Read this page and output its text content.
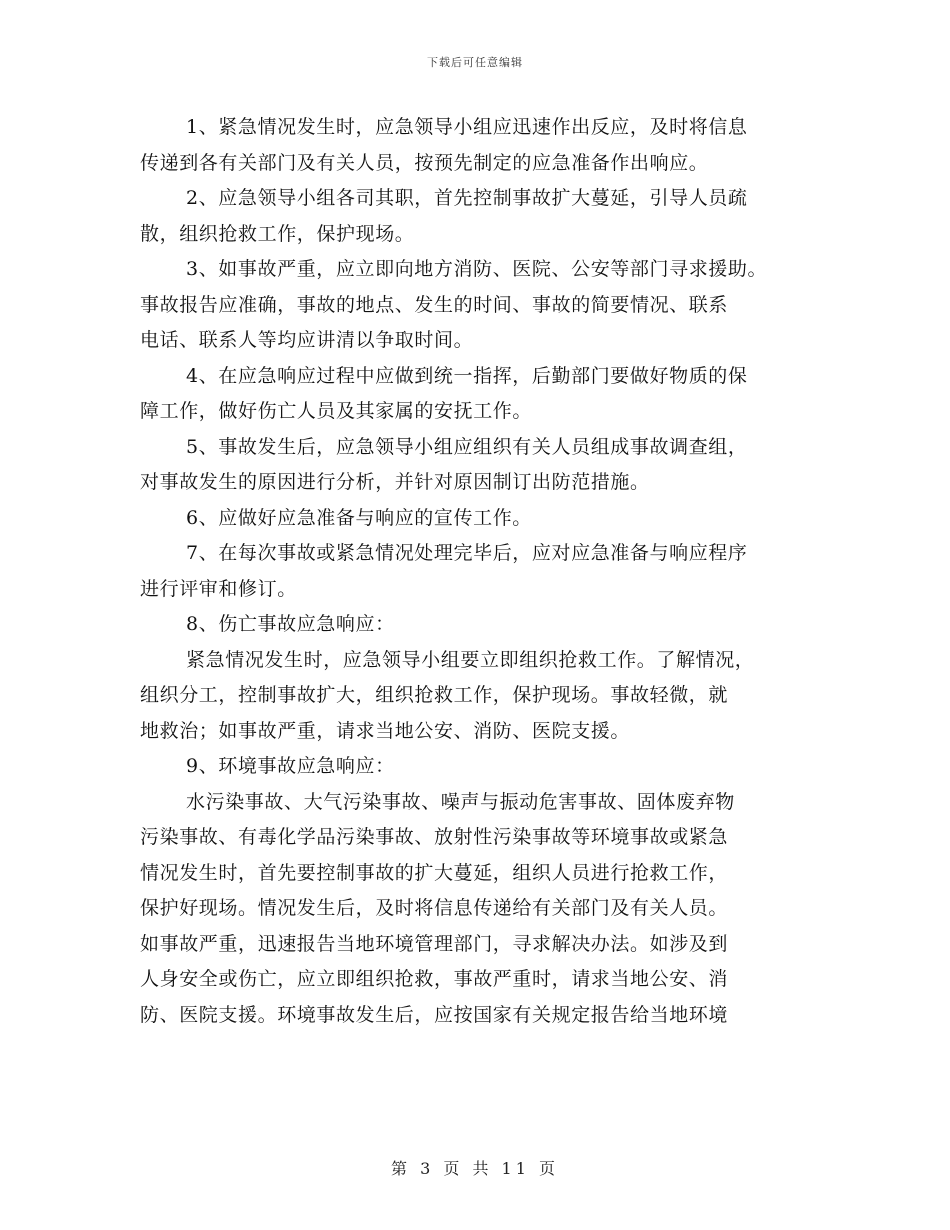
下载后可任意编辑
1、紧急情况发生时，应急领导小组应迅速作出反应，及时将信息
传递到各有关部门及有关人员，按预先制定的应急准备作出响应。
2、应急领导小组各司其职，首先控制事故扩大蔓延，引导人员疏
散，组织抢救工作，保护现场。
3、如事故严重，应立即向地方消防、医院、公安等部门寻求援助。
事故报告应准确，事故的地点、发生的时间、事故的简要情况、联系
电话、联系人等均应讲清以争取时间。
4、在应急响应过程中应做到统一指挥，后勤部门要做好物质的保
障工作，做好伤亡人员及其家属的安抚工作。
5、事故发生后，应急领导小组应组织有关人员组成事故调查组，
对事故发生的原因进行分析，并针对原因制订出防范措施。
6、应做好应急准备与响应的宣传工作。
7、在每次事故或紧急情况处理完毕后，应对应急准备与响应程序
进行评审和修订。
8、伤亡事故应急响应：
紧急情况发生时，应急领导小组要立即组织抢救工作。了解情况，
组织分工，控制事故扩大，组织抢救工作，保护现场。事故轻微，就
地救治；如事故严重，请求当地公安、消防、医院支援。
9、环境事故应急响应：
水污染事故、大气污染事故、噪声与振动危害事故、固体废弃物
污染事故、有毒化学品污染事故、放射性污染事故等环境事故或紧急
情况发生时，首先要控制事故的扩大蔓延，组织人员进行抢救工作，
保护好现场。情况发生后，及时将信息传递给有关部门及有关人员。
如事故严重，迅速报告当地环境管理部门，寻求解决办法。如涉及到
人身安全或伤亡，应立即组织抢救，事故严重时，请求当地公安、消
防、医院支援。环境事故发生后，应按国家有关规定报告给当地环境
第 3 页 共 11 页
